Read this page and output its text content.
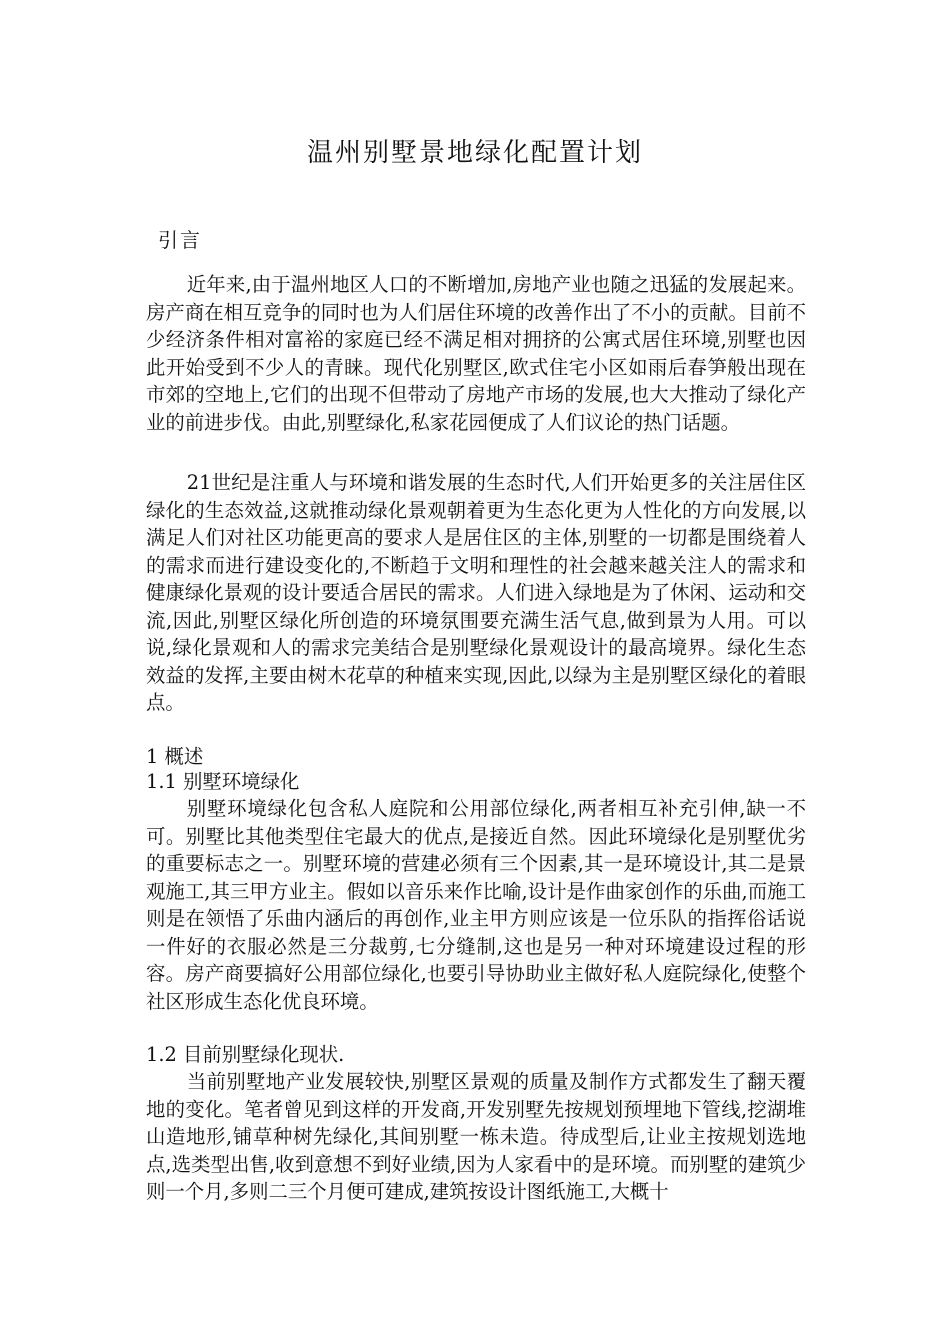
温州别墅景地绿化配置计划
引言

近年来,由于温州地区人口的不断增加,房地产业也随之迅猛的发展起来。房产商在相互竞争的同时也为人们居住环境的改善作出了不小的贡献。目前不少经济条件相对富裕的家庭已经不满足相对拥挤的公寓式居住环境,别墅也因此开始受到不少人的青睐。现代化别墅区,欧式住宅小区如雨后春笋般出现在市郊的空地上,它们的出现不但带动了房地产市场的发展,也大大推动了绿化产业的前进步伐。由此,别墅绿化,私家花园便成了人们议论的热门话题。

21世纪是注重人与环境和谐发展的生态时代,人们开始更多的关注居住区绿化的生态效益,这就推动绿化景观朝着更为生态化更为人性化的方向发展,以满足人们对社区功能更高的要求人是居住区的主体,别墅的一切都是围绕着人的需求而进行建设变化的,不断趋于文明和理性的社会越来越关注人的需求和健康绿化景观的设计要适合居民的需求。人们进入绿地是为了休闲、运动和交流,因此,别墅区绿化所创造的环境氛围要充满生活气息,做到景为人用。可以说,绿化景观和人的需求完美结合是别墅绿化景观设计的最高境界。绿化生态效益的发挥,主要由树木花草的种植来实现,因此,以绿为主是别墅区绿化的着眼点。

1 概述
1.1 别墅环境绿化

别墅环境绿化包含私人庭院和公用部位绿化,两者相互补充引伸,缺一不可。别墅比其他类型住宅最大的优点,是接近自然。因此环境绿化是别墅优劣的重要标志之一。别墅环境的营建必须有三个因素,其一是环境设计,其二是景观施工,其三甲方业主。假如以音乐来作比喻,设计是作曲家创作的乐曲,而施工则是在领悟了乐曲内涵后的再创作,业主甲方则应该是一位乐队的指挥俗话说一件好的衣服必然是三分裁剪,七分缝制,这也是另一种对环境建设过程的形容。房产商要搞好公用部位绿化,也要引导协助业主做好私人庭院绿化,使整个社区形成生态化优良环境。

1.2 目前别墅绿化现状.

当前别墅地产业发展较快,别墅区景观的质量及制作方式都发生了翻天覆地的变化。笔者曾见到这样的开发商,开发别墅先按规划预埋地下管线,挖湖堆山造地形,铺草种树先绿化,其间别墅一栋未造。待成型后,让业主按规划选地点,选类型出售,收到意想不到好业绩,因为人家看中的是环境。而别墅的建筑少则一个月,多则二三个月便可建成,建筑按设计图纸施工,大概十
